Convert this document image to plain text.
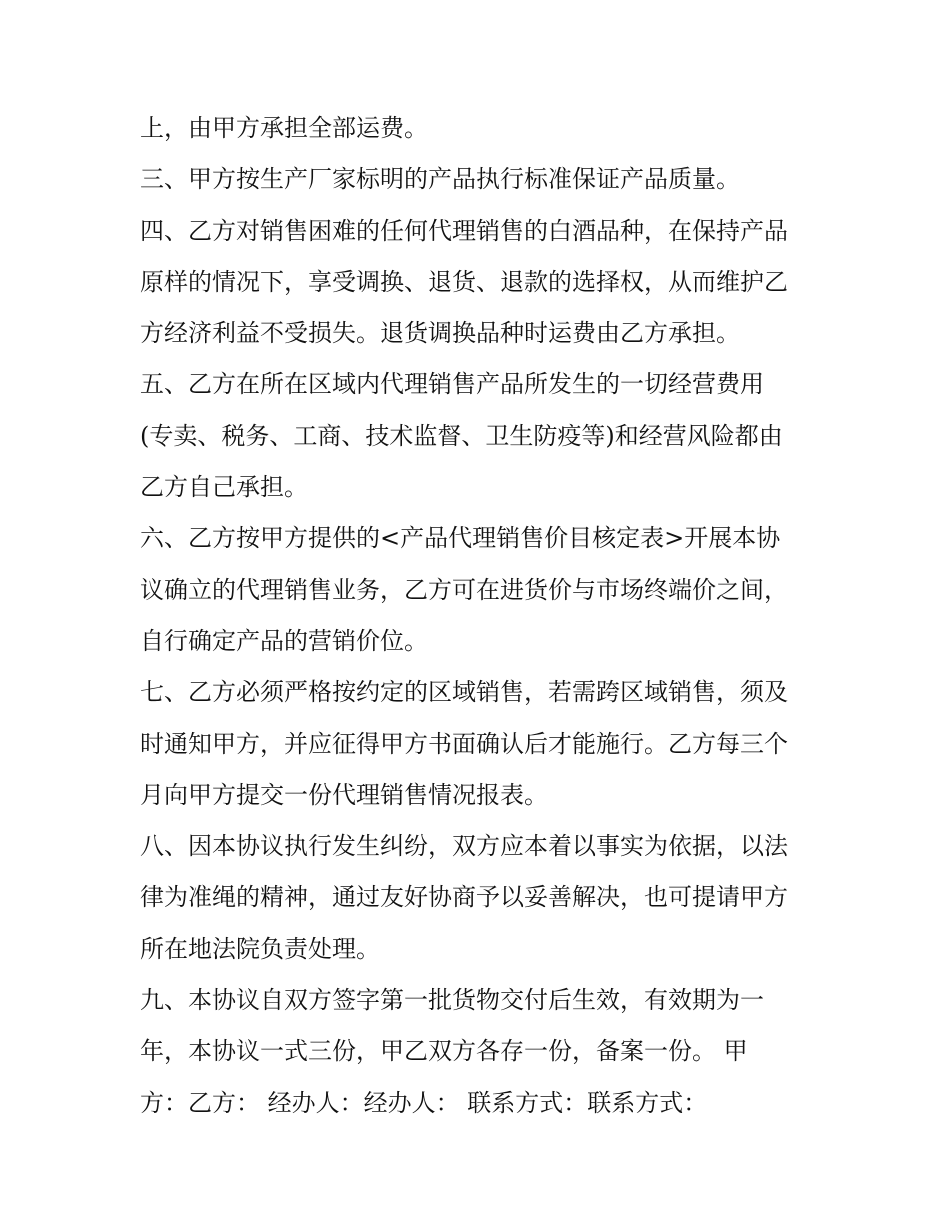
上，由甲方承担全部运费。
三、甲方按生产厂家标明的产品执行标准保证产品质量。
四、乙方对销售困难的任何代理销售的白酒品种，在保持产品
原样的情况下，享受调换、退货、退款的选择权，从而维护乙
方经济利益不受损失。退货调换品种时运费由乙方承担。
五、乙方在所在区域内代理销售产品所发生的一切经营费用
(专卖、税务、工商、技术监督、卫生防疫等)和经营风险都由
乙方自己承担。
六、乙方按甲方提供的<产品代理销售价目核定表>开展本协
议确立的代理销售业务，乙方可在进货价与市场终端价之间，
自行确定产品的营销价位。
七、乙方必须严格按约定的区域销售，若需跨区域销售，须及
时通知甲方，并应征得甲方书面确认后才能施行。乙方每三个
月向甲方提交一份代理销售情况报表。
八、因本协议执行发生纠纷，双方应本着以事实为依据，以法
律为准绳的精神，通过友好协商予以妥善解决，也可提请甲方
所在地法院负责处理。
九、本协议自双方签字第一批货物交付后生效，有效期为一
年，本协议一式三份，甲乙双方各存一份，备案一份。 甲
方：乙方： 经办人：经办人： 联系方式：联系方式：
